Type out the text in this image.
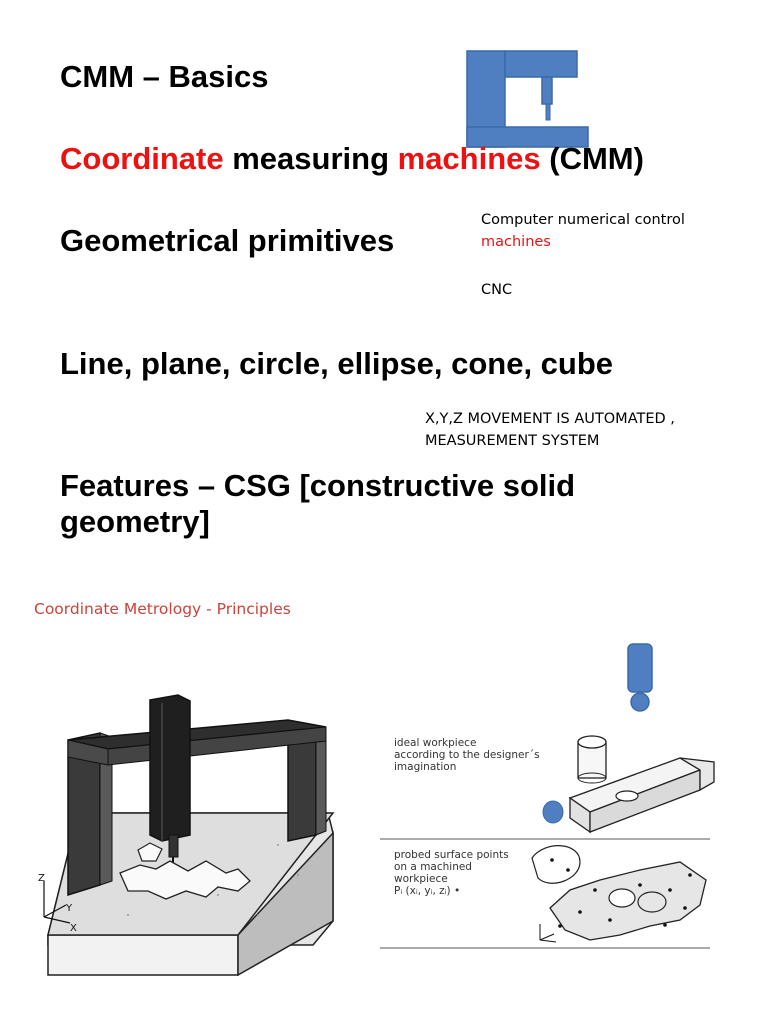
CMM – Basics
Coordinate measuring machines (CMM)
Geometrical primitives
Computer numerical control
machines
CNC
Line, plane, circle, ellipse, cone, cube
X,Y,Z MOVEMENT IS AUTOMATED ,
MEASUREMENT SYSTEM
Features – CSG [constructive solid
geometry]
Coordinate Metrology - Principles
Z
Y
X
ideal workpiece
according to the designer´s
imagination
probed surface points
on a machined
workpiece
Pᵢ (xᵢ, yᵢ, zᵢ) •
